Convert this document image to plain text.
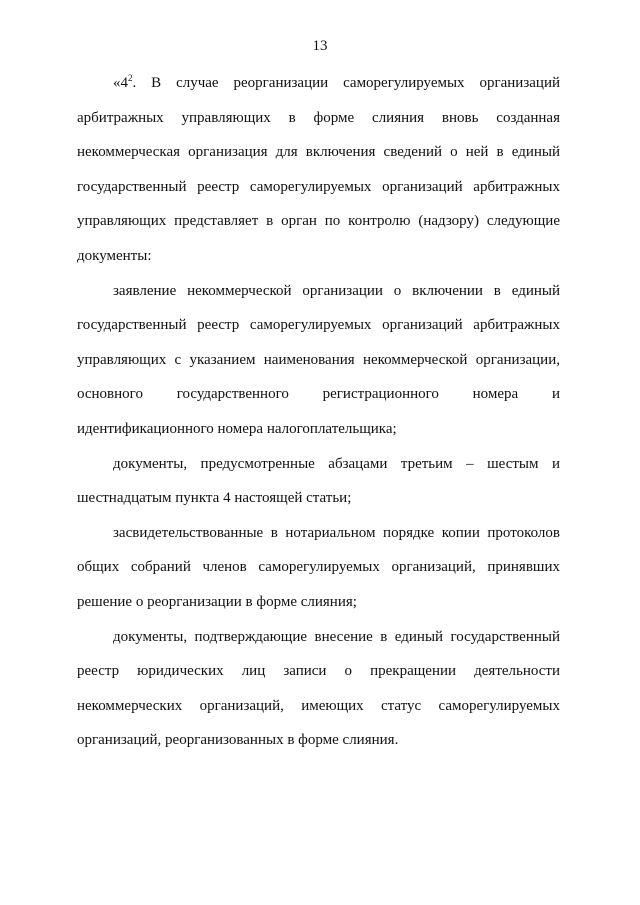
13

«$4^2$. В случае реорганизации саморегулируемых организаций арбитражных управляющих в форме слияния вновь созданная некоммерческая организация для включения сведений о ней в единый государственный реестр саморегулируемых организаций арбитражных управляющих представляет в орган по контролю (надзору) следующие документы:

заявление некоммерческой организации о включении в единый государственный реестр саморегулируемых организаций арбитражных управляющих с указанием наименования некоммерческой организации, основного государственного регистрационного номера и идентификационного номера налогоплательщика;

документы, предусмотренные абзацами третьим – шестым и шестнадцатым пункта 4 настоящей статьи;

засвидетельствованные в нотариальном порядке копии протоколов общих собраний членов саморегулируемых организаций, принявших решение о реорганизации в форме слияния;

документы, подтверждающие внесение в единый государственный реестр юридических лиц записи о прекращении деятельности некоммерческих организаций, имеющих статус саморегулируемых организаций, реорганизованных в форме слияния.
